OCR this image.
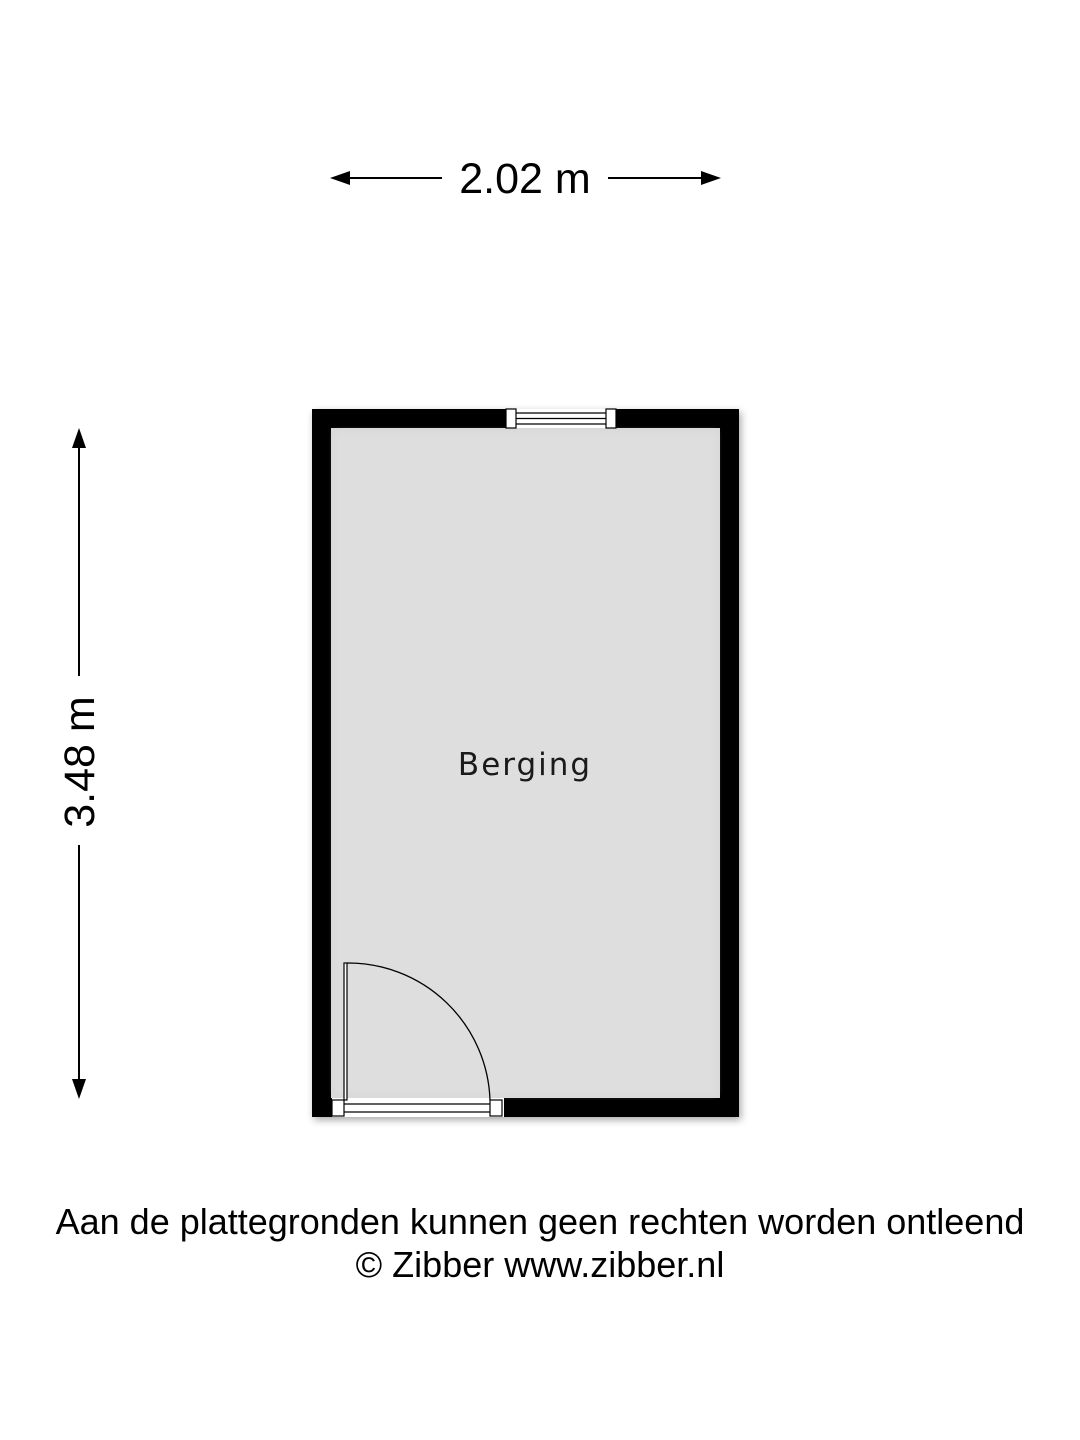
2.02 m
3.48 m	Berging
Aan de plattegronden kunnen geen rechten worden ontleend
© Zibber www.zibber.nl
